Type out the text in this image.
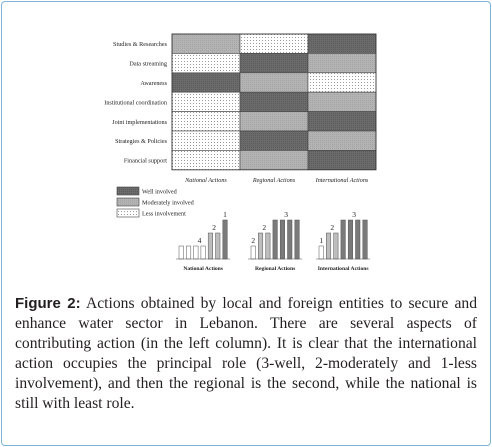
Studies & Researches
Data streaming
Awareness
Institutional coordination
Joint implementations
Strategies & Policies
Financial support
National Actions	Regional Actions	International Actions
Well involved
Moderately involved
Less involvement
4
2
1
National Actions
2
2
3
Regional Actions
1
2
3
International Actions
Figure 2: Actions obtained by local and foreign entities to secure and enhance water sector in Lebanon. There are several aspects of contributing action (in the left column). It is clear that the international action occupies the principal role (3-well, 2-moderately and 1-less involvement), and then the regional is the second, while the national is still with least role.
